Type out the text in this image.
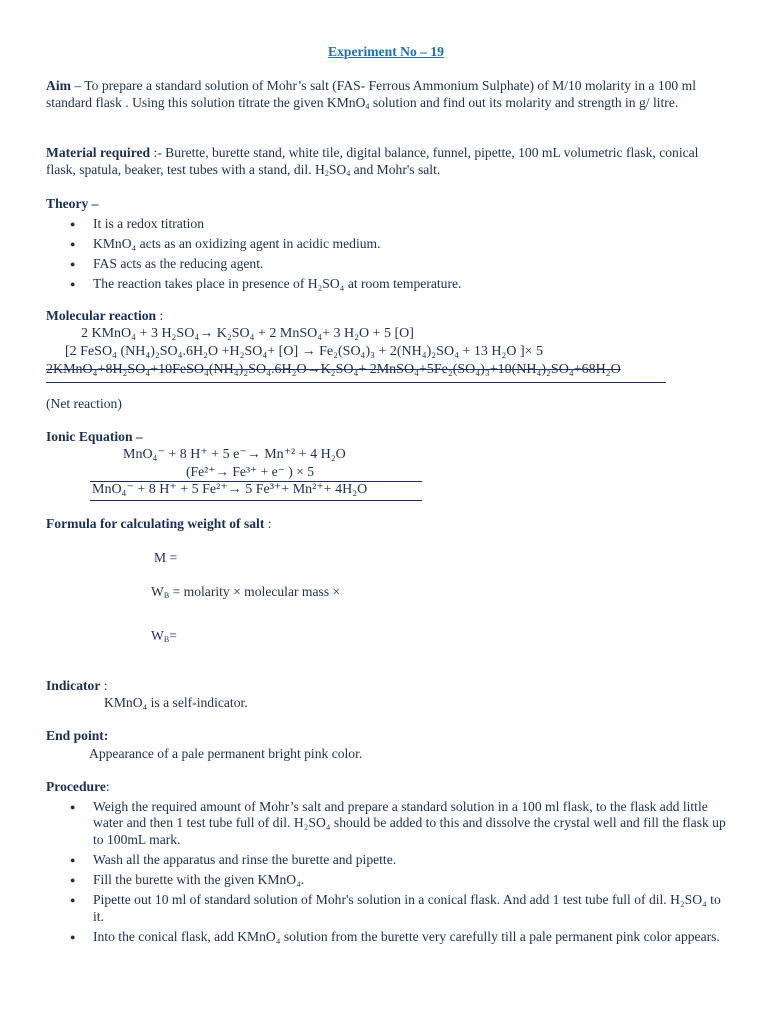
Experiment No – 19
Aim – To prepare a standard solution of Mohr’s salt (FAS- Ferrous Ammonium Sulphate) of M/10 molarity in a 100 ml standard flask . Using this solution titrate the given KMnO$_4$ solution and find out its molarity and strength in g/ litre.
Material required :- Burette, burette stand, white tile, digital balance, funnel, pipette, 100 mL volumetric flask, conical flask, spatula, beaker, test tubes with a stand, dil. $H_2SO_4$ and Mohr's salt.
Theory –
● It is a redox titration
● KMnO₄ acts as an oxidizing agent in acidic medium.
● FAS acts as the reducing agent.
● The reaction takes place in presence of H₂SO₄ at room temperature.
Molecular reaction :
2 KMnO₄ + 3 H₂SO₄→ K₂SO₄ + 2 MnSO₄+ 3 H₂O + 5 [O]
[2 FeSO₄ (NH₄)₂SO₄.6H₂O +H₂SO₄+ [O] → Fe₂(SO₄)₃ + 2(NH₄)₂SO₄ + 13 H₂O ]× 5
2KMnO₄+8H₂SO₄+10FeSO₄(NH₄)₂SO₄.6H₂O→K₂SO₄+ 2MnSO₄+5Fe₂(SO₄)₃+10(NH₄)₂SO₄+68H₂O
(Net reaction)
Ionic Equation –
MnO₄⁻ + 8 H⁺ + 5 e⁻→ Mn⁺² + 4 H₂O
(Fe²⁺→ Fe³⁺ + e⁻ ) × 5
MnO₄⁻ + 8 H⁺ + 5 Fe²⁺→ 5 Fe³⁺+ Mn²⁺+ 4H₂O
Formula for calculating weight of salt :
M =
$W_B$ = molarity × molecular mass ×
$W_B=$
Indicator :
KMnO₄ is a self-indicator.
End point:
Appearance of a pale permanent bright pink color.
Procedure:
● Weigh the required amount of Mohr’s salt and prepare a standard solution in a 100 ml flask, to the flask add little water and then 1 test tube full of dil. H₂SO₄ should be added to this and dissolve the crystal well and fill the flask up to 100mL mark.
● Wash all the apparatus and rinse the burette and pipette.
● Fill the burette with the given KMnO₄.
● Pipette out 10 ml of standard solution of Mohr's solution in a conical flask. And add 1 test tube full of dil. H₂SO₄ to it.
● Into the conical flask, add KMnO₄ solution from the burette very carefully till a pale permanent pink color appears.
